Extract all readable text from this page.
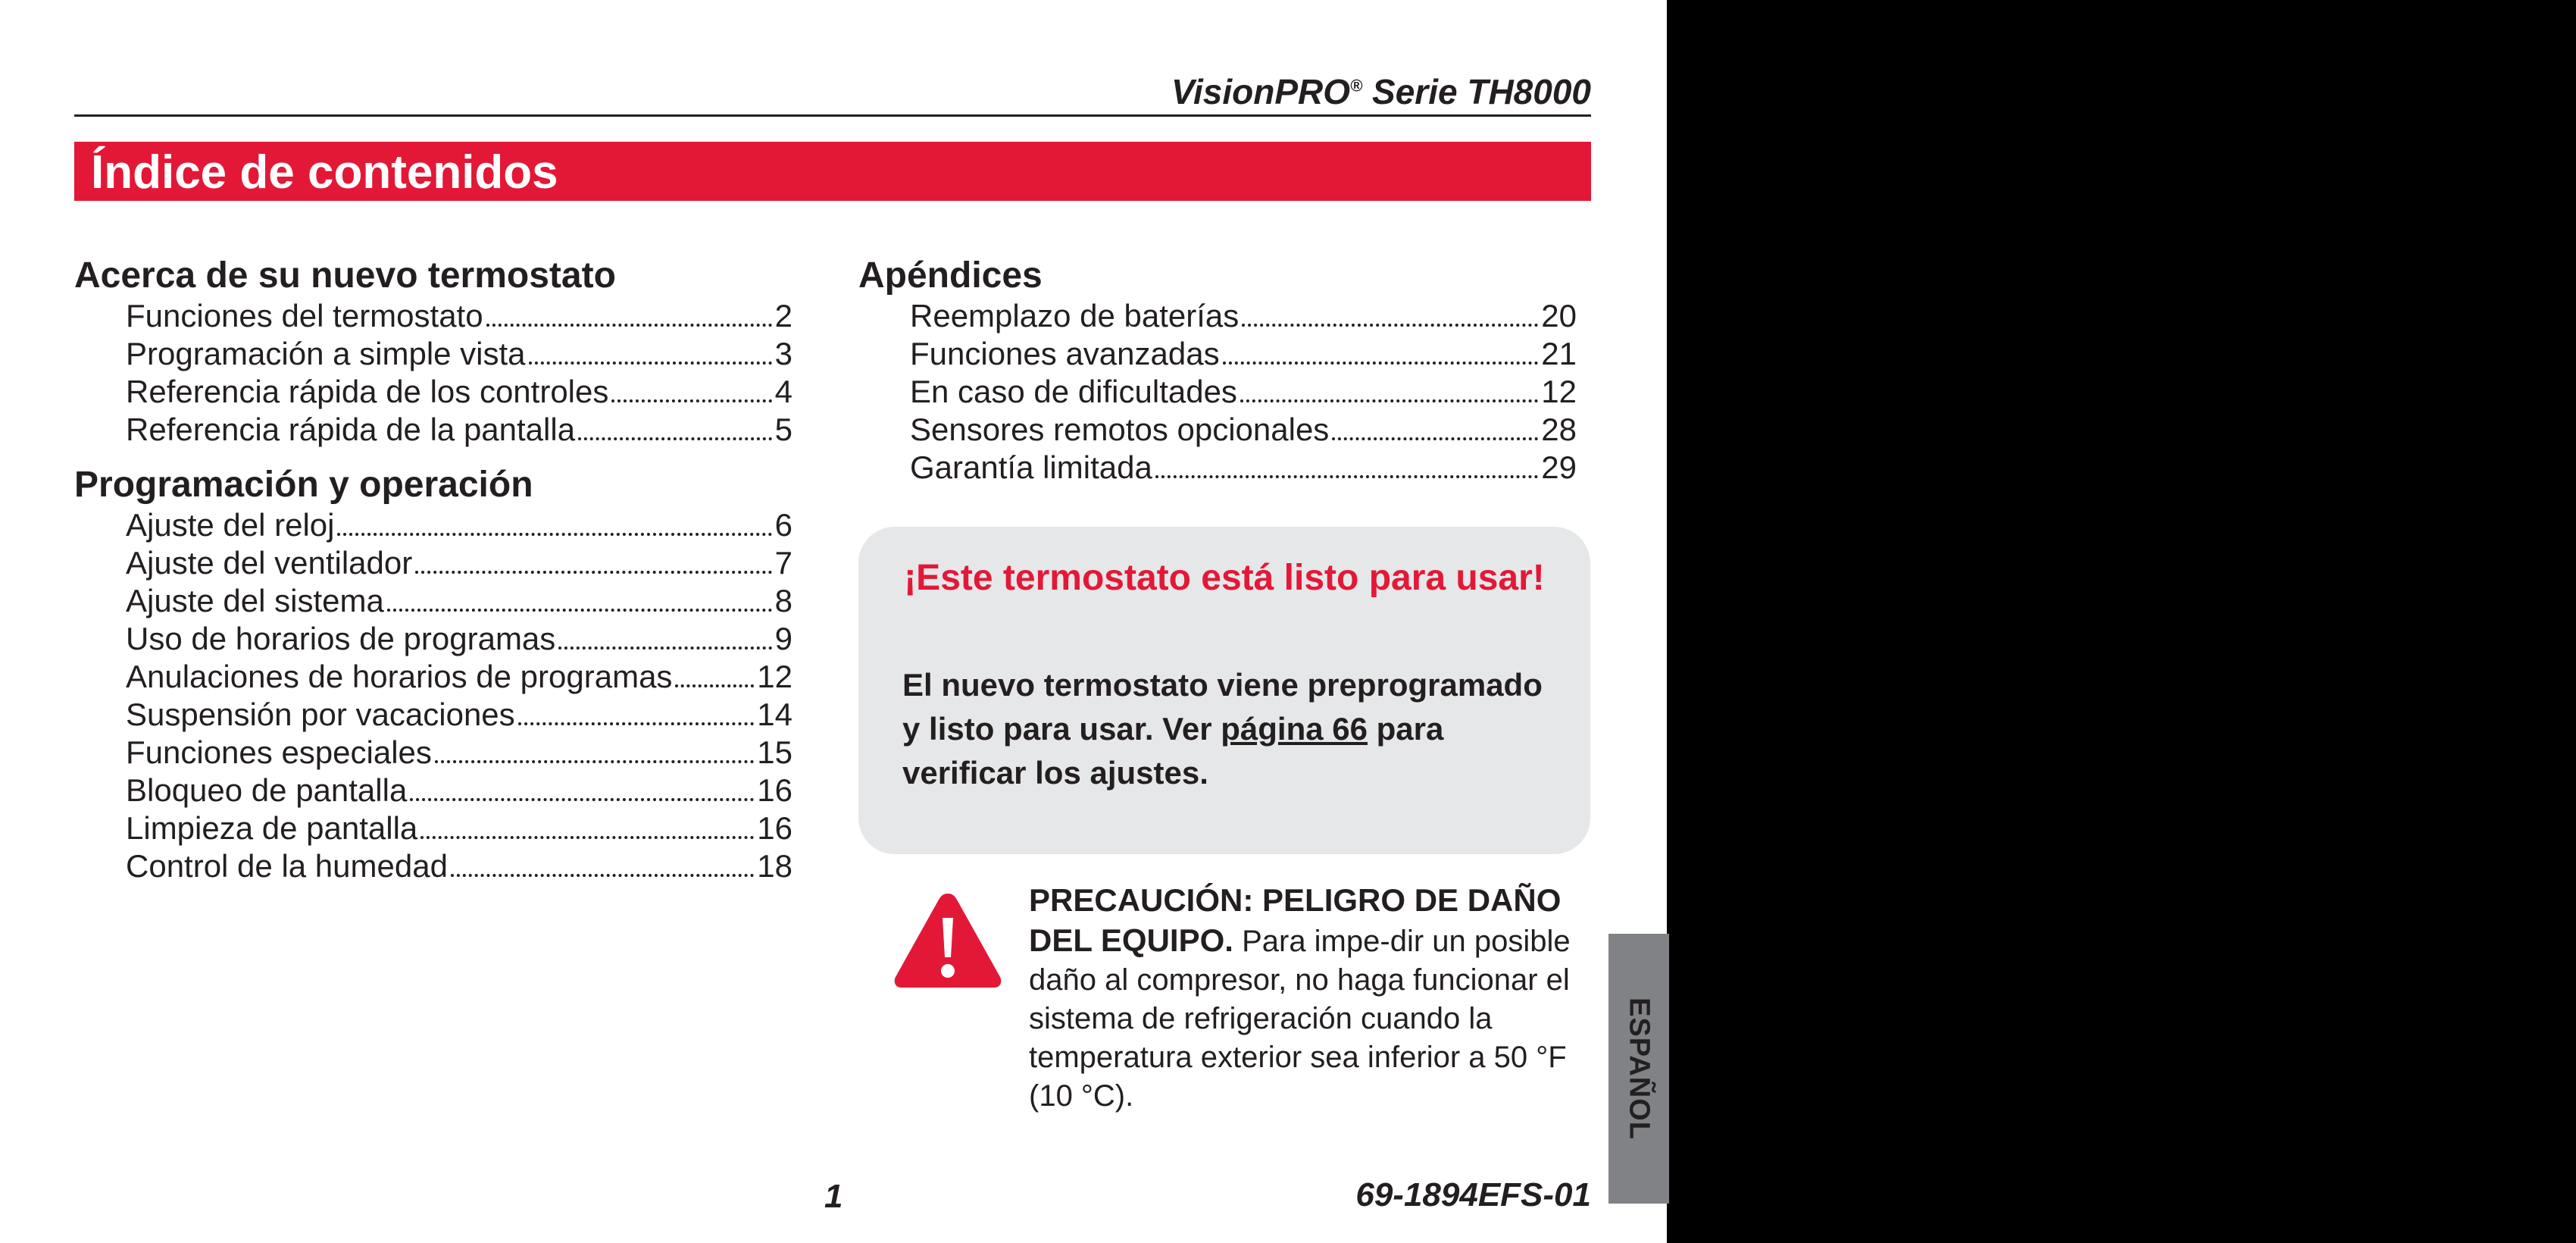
VisionPRO® Serie TH8000
Índice de contenidos
Acerca de su nuevo termostato
Funciones del termostato	2
Programación a simple vista	3
Referencia rápida de los controles	4
Referencia rápida de la pantalla	5
Programación y operación
Ajuste del reloj	6
Ajuste del ventilador	7
Ajuste del sistema	8
Uso de horarios de programas	9
Anulaciones de horarios de programas	12
Suspensión por vacaciones	14
Funciones especiales	15
Bloqueo de pantalla	16
Limpieza de pantalla	16
Control de la humedad	18
Apéndices
Reemplazo de baterías	20
Funciones avanzadas	21
En caso de dificultades	12
Sensores remotos opcionales	28
Garantía limitada	29
¡Este termostato está listo para usar!
El nuevo termostato viene preprogramado y listo para usar. Ver página 66 para verificar los ajustes.
PRECAUCIÓN: PELIGRO DE DAÑO DEL EQUIPO. Para impe-dir un posible daño al compresor, no haga funcionar el sistema de refrigeración cuando la temperatura exterior sea inferior a 50 °F (10 °C).	ESPAÑOL
1	69-1894EFS-01
